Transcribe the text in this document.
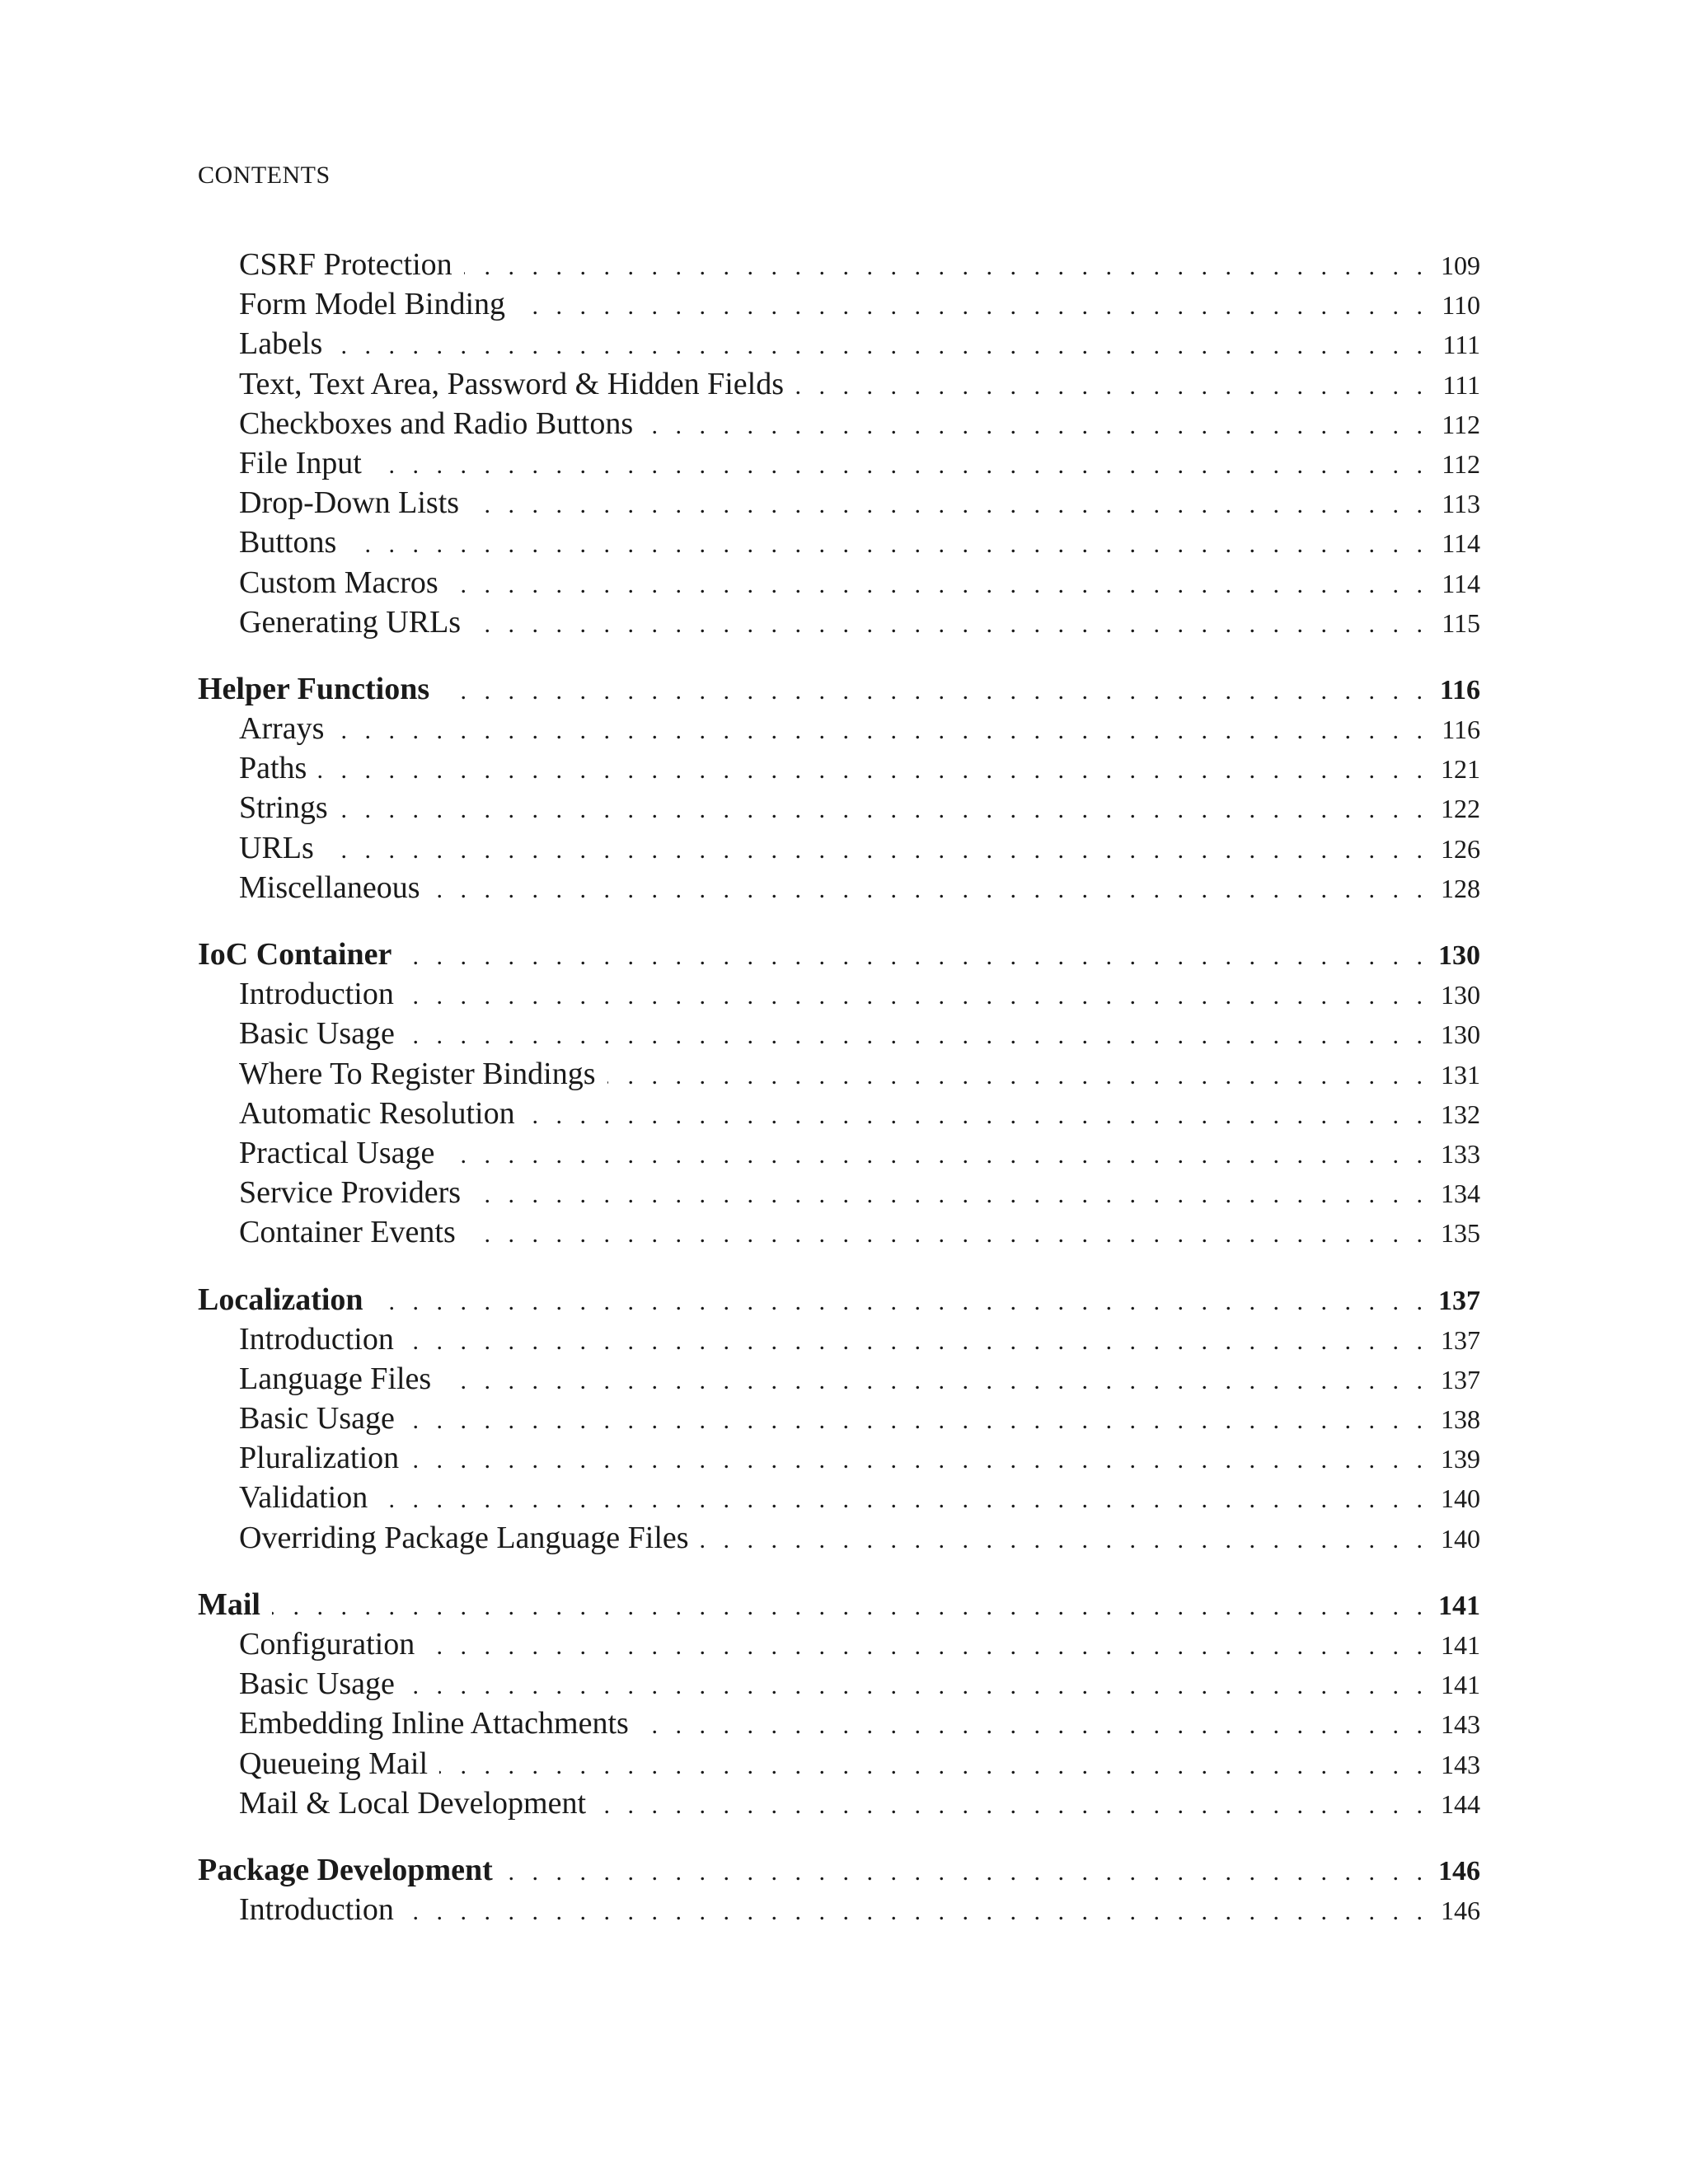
CONTENTS
CSRF Protection . . .	109
Form Model Binding . . .	110
Labels . . .	111
Text, Text Area, Password & Hidden Fields . . .	111
Checkboxes and Radio Buttons . . .	112
File Input . . .	112
Drop-Down Lists . . .	113
Buttons . . .	114
Custom Macros . . .	114
Generating URLs . . .	115
Helper Functions . . .	116
Arrays . . .	116
Paths . . .	121
Strings . . .	122
URLs . . .	126
Miscellaneous . . .	128
IoC Container . . .	130
Introduction . . .	130
Basic Usage . . .	130
Where To Register Bindings . . .	131
Automatic Resolution . . .	132
Practical Usage . . .	133
Service Providers . . .	134
Container Events . . .	135
Localization . . .	137
Introduction . . .	137
Language Files . . .	137
Basic Usage . . .	138
Pluralization . . .	139
Validation . . .	140
Overriding Package Language Files . . .	140
Mail . . .	141
Configuration . . .	141
Basic Usage . . .	141
Embedding Inline Attachments . . .	143
Queueing Mail . . .	143
Mail & Local Development . . .	144
Package Development . . .	146
Introduction . . .	146
